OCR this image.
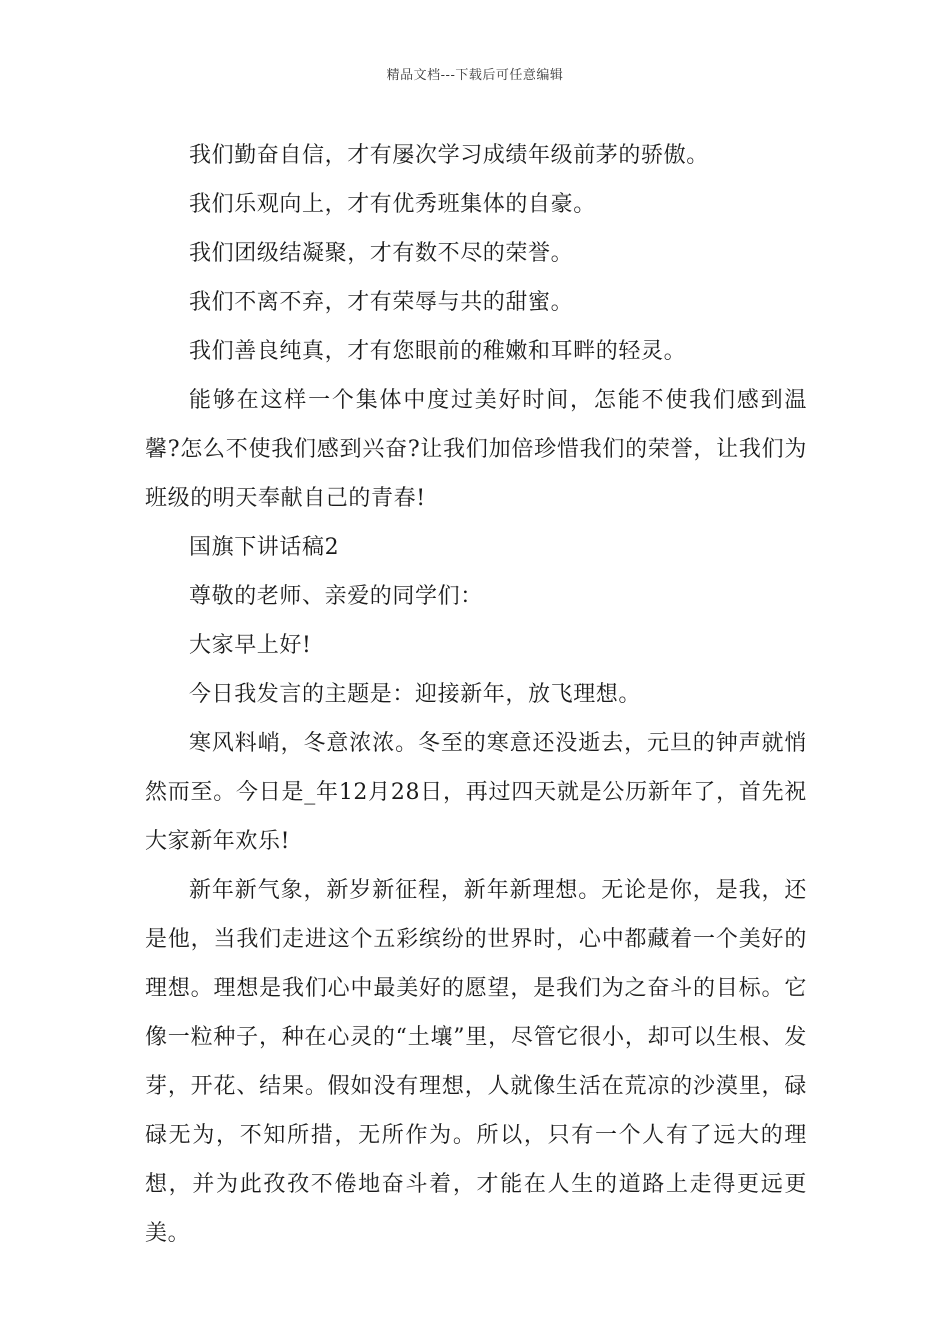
精品文档---下载后可任意编辑

我们勤奋自信，才有屡次学习成绩年级前茅的骄傲。

我们乐观向上，才有优秀班集体的自豪。

我们团级结凝聚，才有数不尽的荣誉。

我们不离不弃，才有荣辱与共的甜蜜。

我们善良纯真，才有您眼前的稚嫩和耳畔的轻灵。

能够在这样一个集体中度过美好时间，怎能不使我们感到温馨?怎么不使我们感到兴奋?让我们加倍珍惜我们的荣誉，让我们为班级的明天奉献自己的青春!

国旗下讲话稿2

尊敬的老师、亲爱的同学们：

大家早上好!

今日我发言的主题是：迎接新年，放飞理想。

寒风料峭，冬意浓浓。冬至的寒意还没逝去，元旦的钟声就悄然而至。今日是_年12月28日，再过四天就是公历新年了，首先祝大家新年欢乐!

新年新气象，新岁新征程，新年新理想。无论是你，是我，还是他，当我们走进这个五彩缤纷的世界时，心中都藏着一个美好的理想。理想是我们心中最美好的愿望，是我们为之奋斗的目标。它像一粒种子，种在心灵的“土壤”里，尽管它很小，却可以生根、发芽，开花、结果。假如没有理想，人就像生活在荒凉的沙漠里，碌碌无为，不知所措，无所作为。所以，只有一个人有了远大的理想，并为此孜孜不倦地奋斗着，才能在人生的道路上走得更远更美。
